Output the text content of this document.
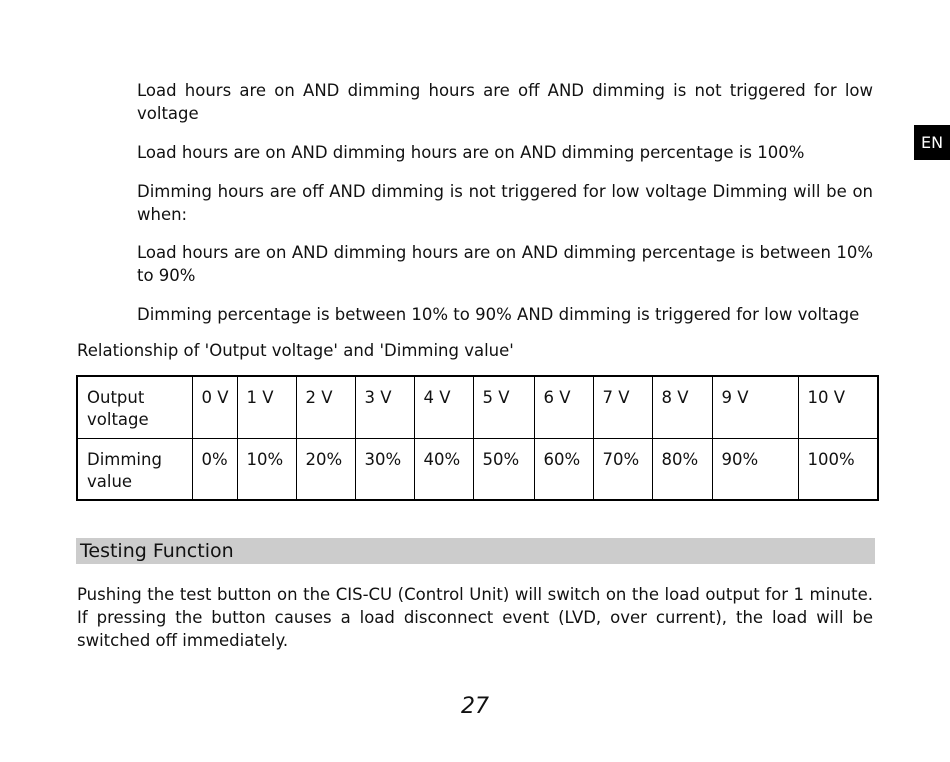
EN

Load hours are on AND dimming hours are off AND dimming is not triggered for low voltage

Load hours are on AND dimming hours are on AND dimming percentage is 100%

Dimming hours are off AND dimming is not triggered for low voltage Dimming will be on when:

Load hours are on AND dimming hours are on AND dimming percentage is between 10% to 90%

Dimming percentage is between 10% to 90% AND dimming is triggered for low voltage

Relationship of 'Output voltage' and 'Dimming value'

Output voltage	0 V	1 V	2 V	3 V	4 V	5 V	6 V	7 V	8 V	9 V	10 V
Dimming value	0%	10%	20%	30%	40%	50%	60%	70%	80%	90%	100%
Testing Function

Pushing the test button on the CIS-CU (Control Unit) will switch on the load output for 1 minute. If pressing the button causes a load disconnect event (LVD, over current), the load will be switched off immediately.

27
